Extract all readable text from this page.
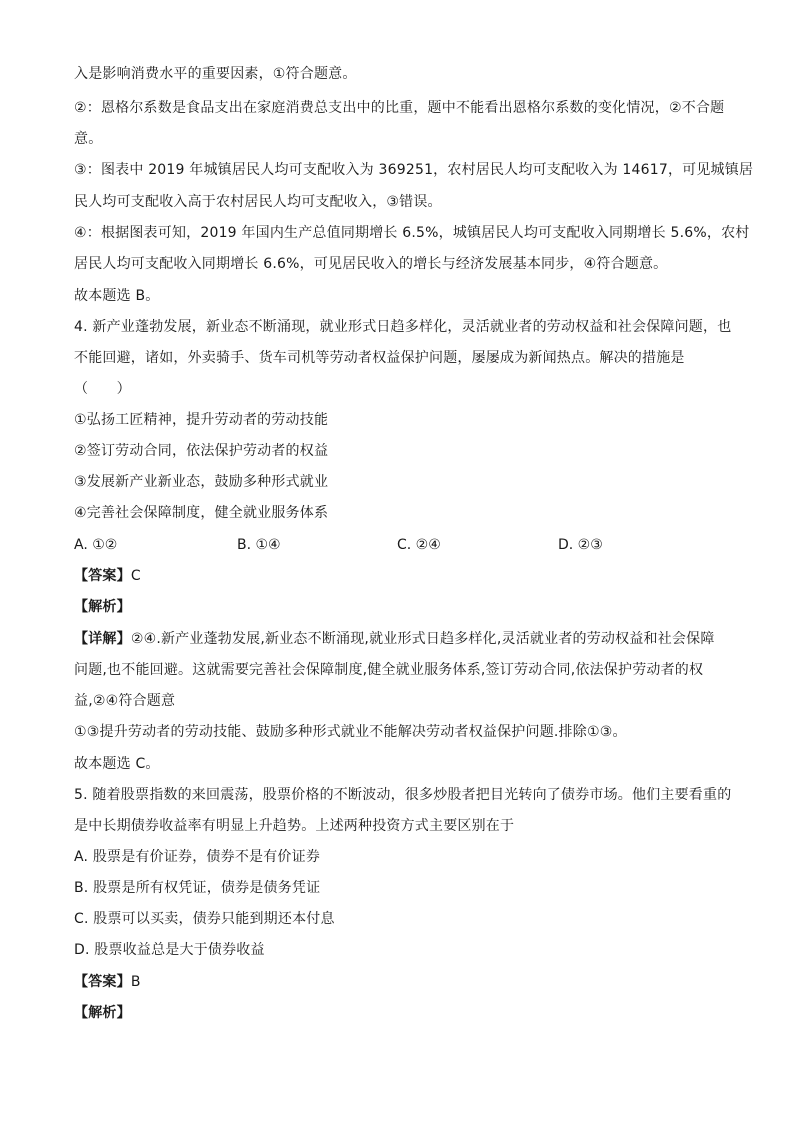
入是影响消费水平的重要因素，①符合题意。
②：恩格尔系数是食品支出在家庭消费总支出中的比重，题中不能看出恩格尔系数的变化情况，②不合题
意。
③：图表中 2019 年城镇居民人均可支配收入为 369251，农村居民人均可支配收入为 14617，可见城镇居
民人均可支配收入高于农村居民人均可支配收入，③错误。
④：根据图表可知，2019 年国内生产总值同期增长 6.5%，城镇居民人均可支配收入同期增长 5.6%，农村
居民人均可支配收入同期增长 6.6%，可见居民收入的增长与经济发展基本同步，④符合题意。
故本题选 B。
4. 新产业蓬勃发展，新业态不断涌现，就业形式日趋多样化，灵活就业者的劳动权益和社会保障问题，也
不能回避，诸如，外卖骑手、货车司机等劳动者权益保护问题，屡屡成为新闻热点。解决的措施是
（　　）
①弘扬工匠精神，提升劳动者的劳动技能
②签订劳动合同，依法保护劳动者的权益
③发展新产业新业态，鼓励多种形式就业
④完善社会保障制度，健全就业服务体系
A. ①②	B. ①④	C. ②④	D. ②③
【答案】C
【解析】
【详解】②④.新产业蓬勃发展,新业态不断涌现,就业形式日趋多样化,灵活就业者的劳动权益和社会保障
问题,也不能回避。这就需要完善社会保障制度,健全就业服务体系,签订劳动合同,依法保护劳动者的权
益,②④符合题意
①③提升劳动者的劳动技能、鼓励多种形式就业不能解决劳动者权益保护问题.排除①③。
故本题选 C。
5. 随着股票指数的来回震荡，股票价格的不断波动，很多炒股者把目光转向了债券市场。他们主要看重的
是中长期债券收益率有明显上升趋势。上述两种投资方式主要区别在于
A. 股票是有价证券，债券不是有价证券
B. 股票是所有权凭证，债券是债务凭证
C. 股票可以买卖，债券只能到期还本付息
D. 股票收益总是大于债券收益
【答案】B
【解析】
